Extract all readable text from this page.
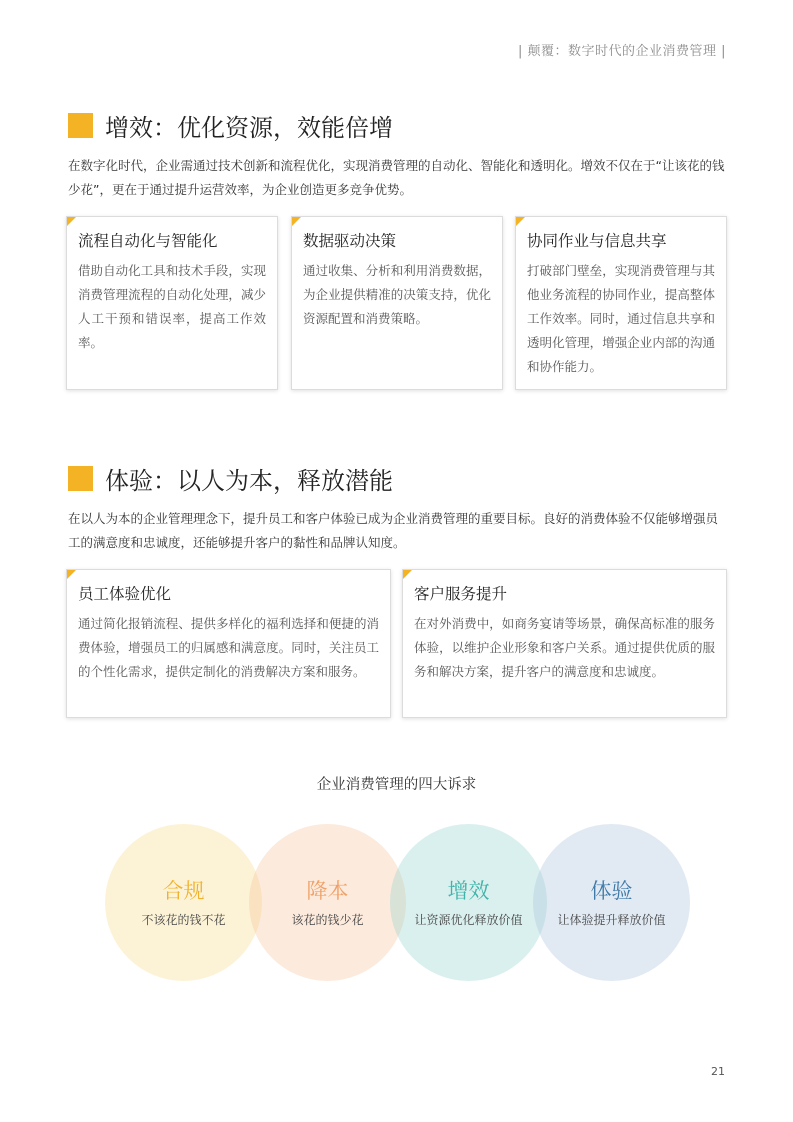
| 颠覆：数字时代的企业消费管理 |
增效：优化资源，效能倍增

在数字化时代，企业需通过技术创新和流程优化，实现消费管理的自动化、智能化和透明化。增效不仅在于“让该花的钱少花”，更在于通过提升运营效率，为企业创造更多竞争优势。

流程自动化与智能化

借助自动化工具和技术手段，实现消费管理流程的自动化处理，减少人工干预和错误率，提高工作效率。

数据驱动决策

通过收集、分析和利用消费数据，为企业提供精准的决策支持，优化资源配置和消费策略。

协同作业与信息共享

打破部门壁垒，实现消费管理与其他业务流程的协同作业，提高整体工作效率。同时，通过信息共享和透明化管理，增强企业内部的沟通和协作能力。

体验：以人为本，释放潜能

在以人为本的企业管理理念下，提升员工和客户体验已成为企业消费管理的重要目标。良好的消费体验不仅能够增强员工的满意度和忠诚度，还能够提升客户的黏性和品牌认知度。

员工体验优化

通过简化报销流程、提供多样化的福利选择和便捷的消费体验，增强员工的归属感和满意度。同时，关注员工的个性化需求，提供定制化的消费解决方案和服务。

客户服务提升

在对外消费中，如商务宴请等场景，确保高标准的服务体验，以维护企业形象和客户关系。通过提供优质的服务和解决方案，提升客户的满意度和忠诚度。

企业消费管理的四大诉求
合规
不该花的钱不花
降本
该花的钱少花
增效
让资源优化释放价值
体验
让体验提升释放价值
21
